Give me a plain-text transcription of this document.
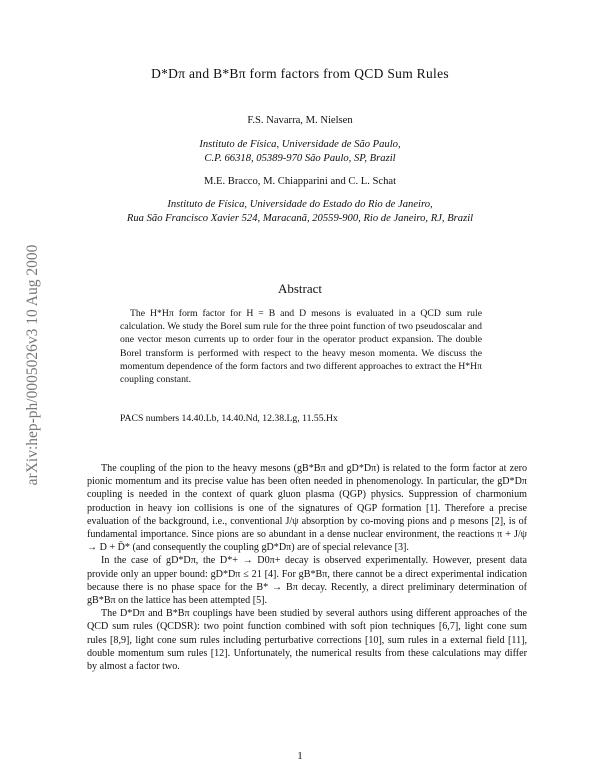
arXiv:hep-ph/0005026v3 10 Aug 2000
D*Dπ and B*Bπ form factors from QCD Sum Rules
F.S. Navarra, M. Nielsen
Instituto de Física, Universidade de São Paulo,
C.P. 66318, 05389-970 São Paulo, SP, Brazil
M.E. Bracco, M. Chiapparini and C. L. Schat
Instituto de Física, Universidade do Estado do Rio de Janeiro,
Rua São Francisco Xavier 524, Maracanã, 20559-900, Rio de Janeiro, RJ, Brazil
Abstract
The H*Hπ form factor for H = B and D mesons is evaluated in a QCD sum rule calculation. We study the Borel sum rule for the three point function of two pseudoscalar and one vector meson currents up to order four in the operator product expansion. The double Borel transform is performed with respect to the heavy meson momenta. We discuss the momentum dependence of the form factors and two different approaches to extract the H*Hπ coupling constant.
PACS numbers 14.40.Lb, 14.40.Nd, 12.38.Lg, 11.55.Hx

The coupling of the pion to the heavy mesons (gB*Bπ and gD*Dπ) is related to the form factor at zero pionic momentum and its precise value has been often needed in phenomenology. In particular, the gD*Dπ coupling is needed in the context of quark gluon plasma (QGP) physics. Suppression of charmonium production in heavy ion collisions is one of the signatures of QGP formation [1]. Therefore a precise evaluation of the background, i.e., conventional J/ψ absorption by co-moving pions and ρ mesons [2], is of fundamental importance. Since pions are so abundant in a dense nuclear environment, the reactions π + J/ψ → D + D̄* (and consequently the coupling gD*Dπ) are of special relevance [3].

In the case of gD*Dπ, the D*+ → D0π+ decay is observed experimentally. However, present data provide only an upper bound: gD*Dπ ≤ 21 [4]. For gB*Bπ, there cannot be a direct experimental indication because there is no phase space for the B* → Bπ decay. Recently, a direct preliminary determination of gB*Bπ on the lattice has been attempted [5].

The D*Dπ and B*Bπ couplings have been studied by several authors using different approaches of the QCD sum rules (QCDSR): two point function combined with soft pion techniques [6,7], light cone sum rules [8,9], light cone sum rules including perturbative corrections [10], sum rules in a external field [11], double momentum sum rules [12]. Unfortunately, the numerical results from these calculations may differ by almost a factor two.

1
